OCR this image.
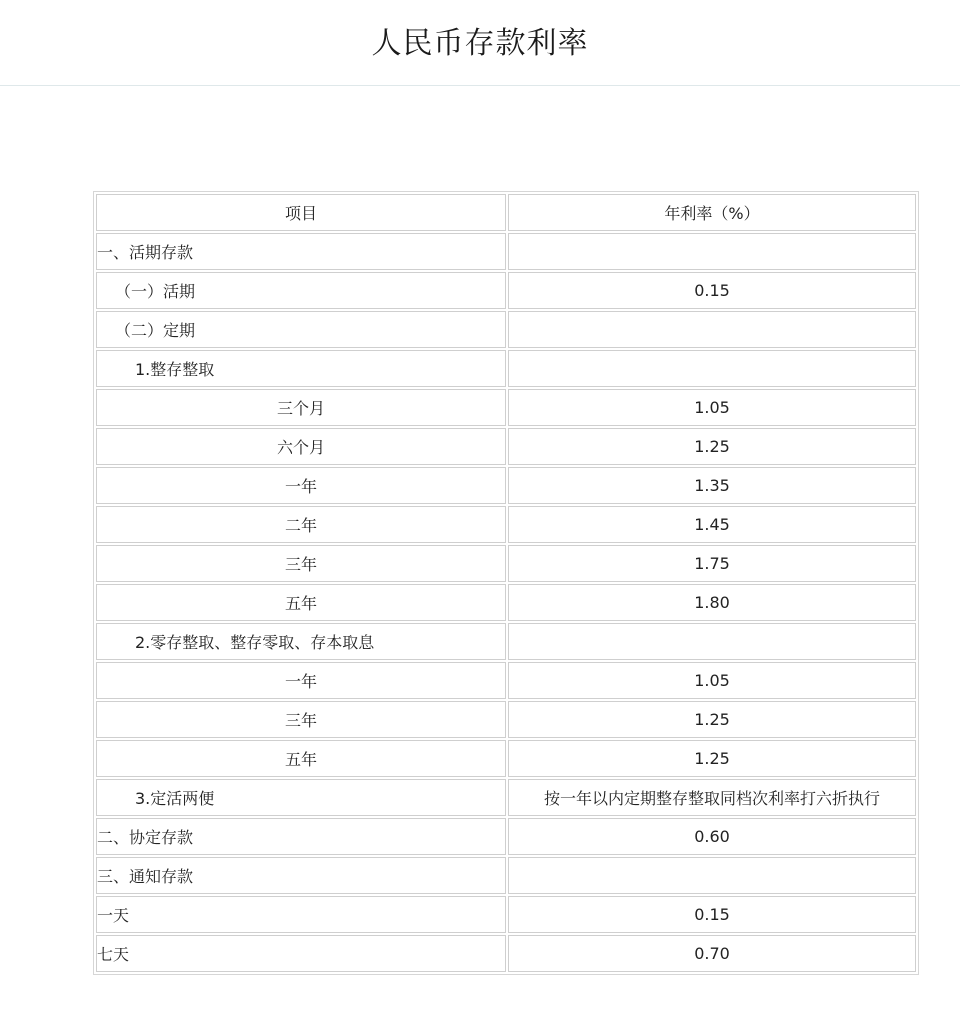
人民币存款利率
项目	年利率（%）
一、活期存款	
（一）活期	0.15
（二）定期	
1.整存整取	
三个月	1.05
六个月	1.25
一年	1.35
二年	1.45
三年	1.75
五年	1.80
2.零存整取、整存零取、存本取息	
一年	1.05
三年	1.25
五年	1.25
3.定活两便	按一年以内定期整存整取同档次利率打六折执行
二、协定存款	0.60
三、通知存款	
一天	0.15
七天	0.70
